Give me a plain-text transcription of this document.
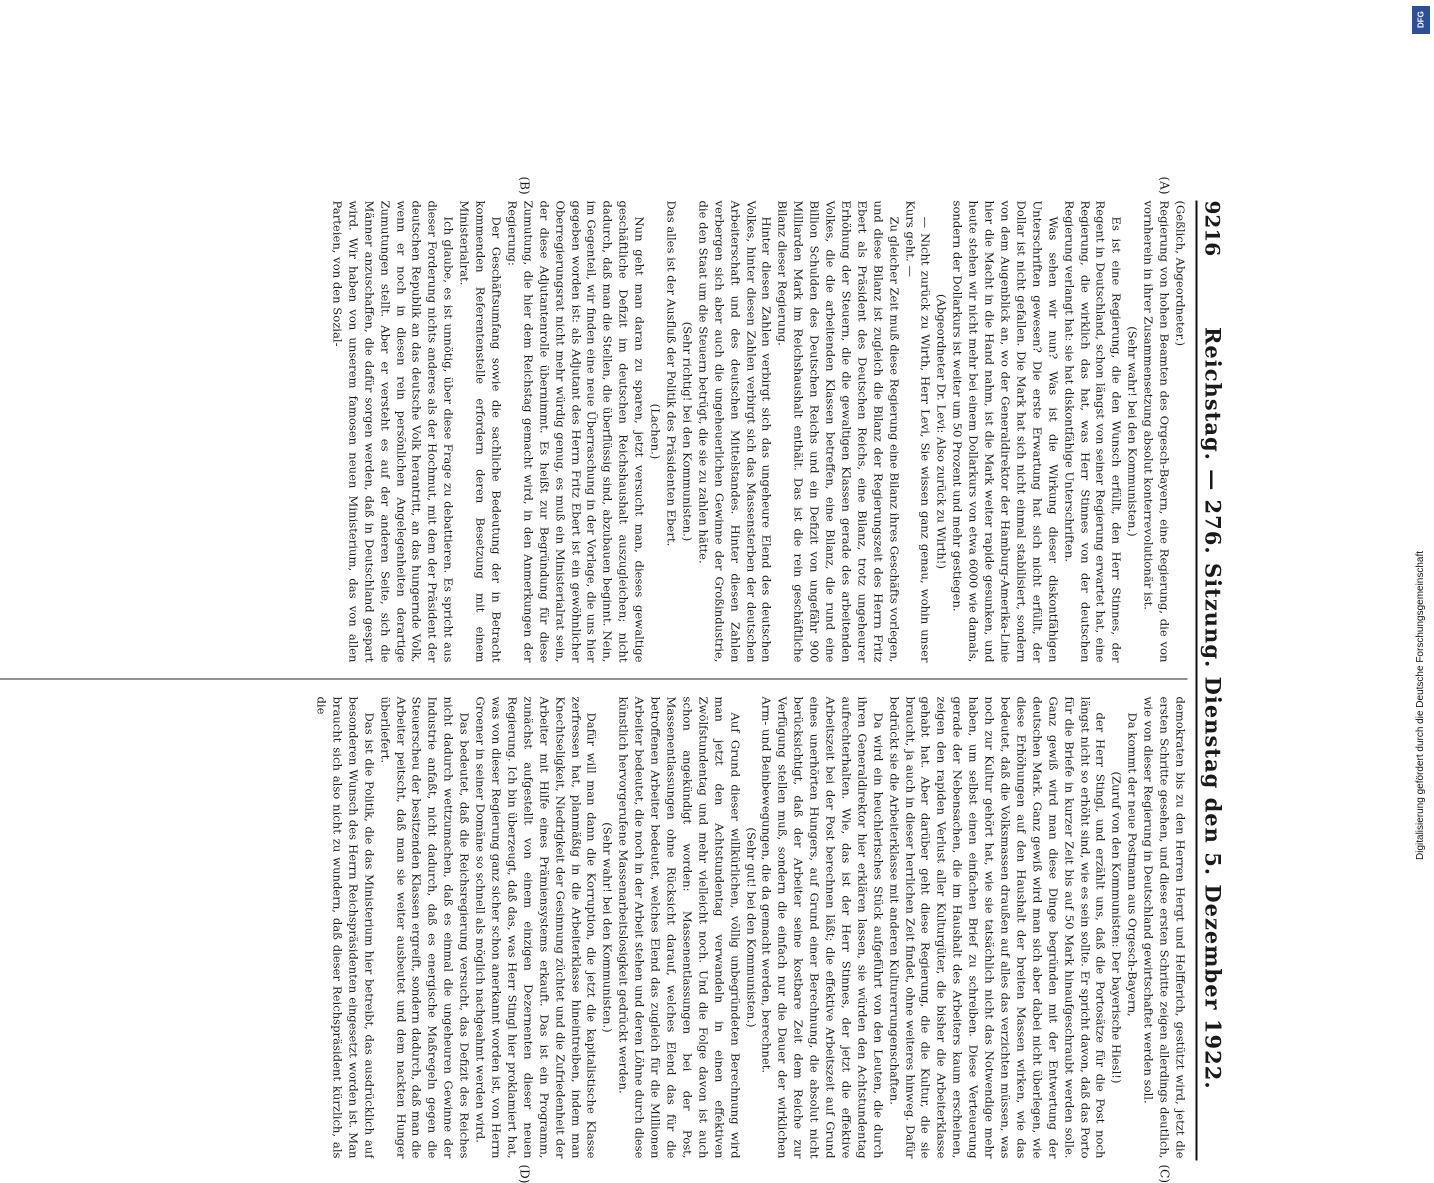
9216
Reichstag. — 276. Sitzung. Dienstag den 5. Dezember 1922.

(Geßlich, Abgeordneter.)

Regierung von hohen Beamten des Orgesch-Bayern, eine Regierung, die von vornherein in ihrer Zusammensetzung absolut konterrevolutionär ist.

(Sehr wahr! bei den Kommunisten.)

Es ist eine Regierung, die den Wunsch erfüllt, den Herr Stinnes, der Regent in Deutschland, schon längst von seiner Regierung erwartet hat, eine Regierung, die wirklich das hat, was Herr Stinnes von der deutschen Regierung verlangt hat: sie hat diskontfähige Unterschriften.

Was sehen wir nun? Was ist die Wirkung dieser diskontfähigen Unterschriften gewesen? Die erste Erwartung hat sich nicht erfüllt, der Dollar ist nicht gefallen. Die Mark hat sich nicht einmal stabilisiert, sondern von dem Augenblick an, wo der Generaldirektor der Hamburg-Amerika-Linie hier die Macht in die Hand nahm, ist die Mark weiter rapide gesunken, und heute stehen wir nicht mehr bei einem Dollarkurs von etwa 6000 wie damals, sondern der Dollarkurs ist weiter um 50 Prozent und mehr gestiegen.

(Abgeordneter Dr. Levi: Also zurück zu Wirth!)

— Nicht zurück zu Wirth, Herr Levi, Sie wissen ganz genau, wohin unser Kurs geht. —

Zu gleicher Zeit muß diese Regierung eine Bilanz ihres Geschäfts vorlegen, und diese Bilanz ist zugleich die Bilanz der Regierungszeit des Herrn Fritz Ebert als Präsident des Deutschen Reichs, eine Bilanz, trotz ungeheurer Erhöhung der Steuern, die die gewaltigen Klassen gerade des arbeitenden Volkes, die die arbeitenden Klassen betreffen, eine Bilanz, die rund eine Billion Schulden des Deutschen Reichs und ein Defizit von ungefähr 900 Milliarden Mark im Reichshaushalt enthält. Das ist die rein geschäftliche Bilanz dieser Regierung.

Hinter diesen Zahlen verbirgt sich das ungeheure Elend des deutschen Volkes, hinter diesen Zahlen verbirgt sich das Massensterben der deutschen Arbeiterschaft und des deutschen Mittelstandes. Hinter diesen Zahlen verbergen sich aber auch die ungeheuerlichen Gewinne der Großindustrie, die den Staat um die Steuern betrügt, die sie zu zahlen hätte.

(Sehr richtig! bei den Kommunisten.)

Das alles ist der Ausfluß der Politik des Präsidenten Ebert.

(Lachen.)

Nun geht man daran zu sparen, jetzt versucht man, dieses gewaltige geschäftliche Defizit im deutschen Reichshaushalt auszugleichen; nicht dadurch, daß man die Stellen, die überflüssig sind, abzubauen beginnt. Nein, im Gegenteil, wir finden eine neue Überraschung in der Vorlage, die uns hier gegeben worden ist: als Adjutant des Herrn Fritz Ebert ist ein gewöhnlicher Oberregierungsrat nicht mehr würdig genug, es muß ein Ministerialrat sein, der diese Adjutantenrolle übernimmt. Es heißt zur Begründung für diese Zumutung, die hier dem Reichstag gemacht wird, in den Anmerkungen der Regierung:

Der Geschäftsumfang sowie die sachliche Bedeutung der in Betracht kommenden Referentenstelle erfordern deren Besetzung mit einem Ministerialrat.

Ich glaube, es ist unnötig, über diese Frage zu debattieren. Es spricht aus dieser Forderung nichts anderes als der Hochmut, mit dem der Präsident der deutschen Republik an das deutsche Volk herantritt, an das hungernde Volk, wenn er noch in diesen rein persönlichen Angelegenheiten derartige Zumutungen stellt. Aber er versteht es auf der anderen Seite, sich die Männer anzuschaffen, die dafür sorgen werden, daß in Deutschland gespart wird. Wir haben von unserem famosen neuen Ministerium, das von allen Parteien, von den Sozial-

demokraten bis zu den Herren Hergt und Helfferich, gestützt wird, jetzt die ersten Schritte gesehen, und diese ersten Schritte zeigen allerdings deutlich, wie von dieser Regierung in Deutschland gewirtschaftet werden soll.

Da kommt der neue Postmann aus Orgesch-Bayern,

(Zuruf von den Kommunisten: Der bayerische Hiesl!)

der Herr Stingl, und erzählt uns, daß die Portosätze für die Post noch längst nicht so erhöht sind, wie es sein sollte. Er spricht davon, daß das Porto für die Briefe in kurzer Zeit bis auf 50 Mark hinaufgeschraubt werden solle. Ganz gewiß wird man diese Dinge begründen mit der Entwertung der deutschen Mark. Ganz gewiß wird man sich aber dabei nicht überlegen, wie diese Erhöhungen auf den Haushalt der breiten Massen wirken, wie das bedeutet, daß die Volksmassen draußen auf alles das verzichten müssen, was noch zur Kultur gehört hat, wie sie tatsächlich nicht das Notwendige mehr haben, um selbst einen einfachen Brief zu schreiben. Diese Verteuerung gerade der Nebensachen, die im Haushalt des Arbeiters kaum erscheinen, zeigen den rapiden Verlust aller Kulturgüter, die bisher die Arbeiterklasse gehabt hat. Aber darüber geht diese Regierung, die die Kultur, die sie braucht, ja auch in dieser herrlichen Zeit findet, ohne weiteres hinweg. Dafür bedrückt sie die Arbeiterklasse mit anderen Kulturerrungenschaften.

Da wird ein heuchlerisches Stück aufgeführt von den Leuten, die durch ihren Generaldirektor hier erklären lassen, sie würden den Achtstundentag aufrechterhalten. Wie, das ist der Herr Stinnes, der jetzt die effektive Arbeitszeit bei der Post berechnen läßt; die effektive Arbeitszeit auf Grund eines unerhörten Hungers, auf Grund einer Berechnung, die absolut nicht berücksichtigt, daß der Arbeiter seine kostbare Zeit dem Reiche zur Verfügung stellen muß, sondern die einfach nur die Dauer der wirklichen Arm- und Beinbewegungen, die da gemacht werden, berechnet.

(Sehr gut! bei den Kommunisten.)

Auf Grund dieser willkürlichen, völlig unbegründeten Berechnung wird man jetzt den Achtstundentag verwandeln in einen effektiven Zwölfstundentag und mehr vielleicht noch. Und die Folge davon ist auch schon angekündigt worden: Massenentlassungen bei der Post, Massenentlassungen ohne Rücksicht darauf, welches Elend das für die betroffenen Arbeiter bedeutet, welches Elend das zugleich für die Millionen Arbeiter bedeutet, die noch in der Arbeit stehen und deren Löhne durch diese künstlich hervorgerufene Massenarbeitslosigkeit gedrückt werden.

(Sehr wahr! bei den Kommunisten.)

Dafür will man dann die Korruption, die jetzt die kapitalistische Klasse zerfressen hat, planmäßig in die Arbeiterklasse hineintreiben, indem man Knechtseligkeit, Niedrigkeit der Gesinnung züchtet und die Zufriedenheit der Arbeiter mit Hilfe eines Prämiensystems erkauft. Das ist ein Programm, zunächst aufgestellt von einem einzigen Dezernenten dieser neuen Regierung. Ich bin überzeugt, daß das, was Herr Stingl hier proklamiert hat, was von dieser Regierung ganz sicher schon anerkannt worden ist, von Herrn Groener in seiner Domäne so schnell als möglich nachgeahmt werden wird.

Das bedeutet, daß die Reichsregierung versucht, das Defizit des Reiches nicht dadurch wettzumachen, daß es einmal die ungeheuren Gewinne der Industrie anfaßt, nicht dadurch, daß es energische Maßregeln gegen die Steuerscheu der besitzenden Klassen ergreift, sondern dadurch, daß man die Arbeiter peitscht, daß man sie weiter ausbeutet und dem nackten Hunger überliefert.

Das ist die Politik, die das Ministerium hier betreibt, das ausdrücklich auf besonderen Wunsch des Herrn Reichspräsidenten eingesetzt worden ist. Man braucht sich also nicht zu wundern, daß dieser Reichspräsident kürzlich, als die

(A)
(B)
(C)
(D)
DFG
Digitalisierung gefördert durch die Deutsche Forschungsgemeinschaft
